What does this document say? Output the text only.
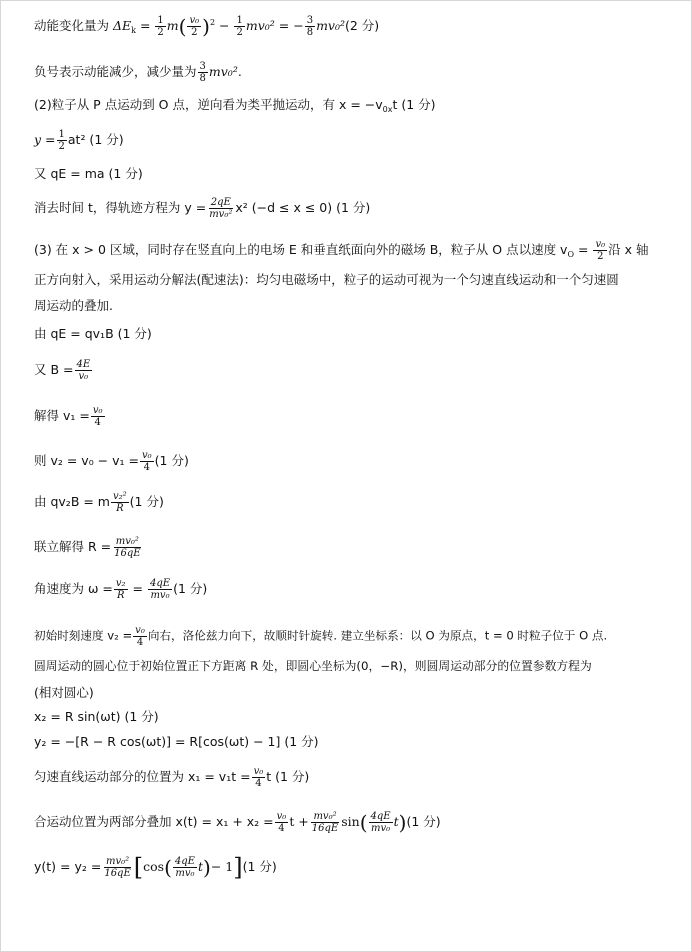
动能变化量为 $\Delta E_k = \frac{1}{2} m( \frac{\text{v₀}}{2} )^2 - \frac{1}{2} mv_0^2$ = − $\frac{3}{8} mv_0^2(2$ 分)
负号表示动能减少，减少量为 $\frac{3}{8} mv_0^2$.
(2)粒子从 P 点运动到 O 点，逆向看为类平抛运动，有 $x = -v_{0x}t$ (1 分)
$y = \frac{1}{2} at^2$ (1 分)
又 qE = ma (1 分)
消去时间 t，得轨迹方程为 $y = \frac{2qE}{\text{mv₀²}} x^2$ (−d ≤ x ≤ 0) (1 分)
(3) 在 x > 0 区域，同时存在竖直向上的电场 E 和垂直纸面向外的磁场 B，粒子从 O 点以速度 $v_O = \frac{\text{v₀}}{2}$ 沿 x 轴
正方向射入，采用运动分解法(配速法)：均匀电磁场中，粒子的运动可视为一个匀速直线运动和一个匀速圆
周运动的叠加.
由 qE = qv₁B (1 分)
又 $B = \frac{4E}{\text{v₀}}$
解得 $v_1 = \frac{\text{v₀}}{4}$
则 $v_2 = v_0 - v_1 = \frac{\text{v₀}}{4} (1$ 分)
由 qv₂B = m $\frac{\text{v₂²}}{R} (1$ 分)
联立解得 $R = \frac{\text{mv₀²}}{16qE}$
角速度为 $\omega = \frac{\text{v₂}}{R} = \frac{4qE}{\text{mv₀}} (1$ 分)
初始时刻速度 $v_2 = \frac{\text{v₀}}{4}$ 向右，洛伦兹力向下，故顺时针旋转. 建立坐标系：以 O 为原点，t = 0 时粒子位于 O 点.
圆周运动的圆心位于初始位置正下方距离 R 处，即圆心坐标为(0，−R)，则圆周运动部分的位置参数方程为
(相对圆心)
x₂ = R sin(ωt) (1 分)
y₂ = −[R − R cos(ωt)] = R[cos(ωt) − 1] (1 分)
匀速直线运动部分的位置为 $x_1 = v_1t = \frac{\text{v₀}}{4}$ t (1 分)
合运动位置为两部分叠加 $x(t) = x_1 + x_2 = \frac{\text{v₀}}{4}$ $t + \frac{\text{mv₀²}}{16qE} \sin( \frac{4qE}{\text{mv₀}} t)(1$ 分)
$y(t) = y_2 = \frac{\text{mv₀²}}{16qE} [\cos( \frac{4qE}{\text{mv₀}} t)- 1](1$ 分)
